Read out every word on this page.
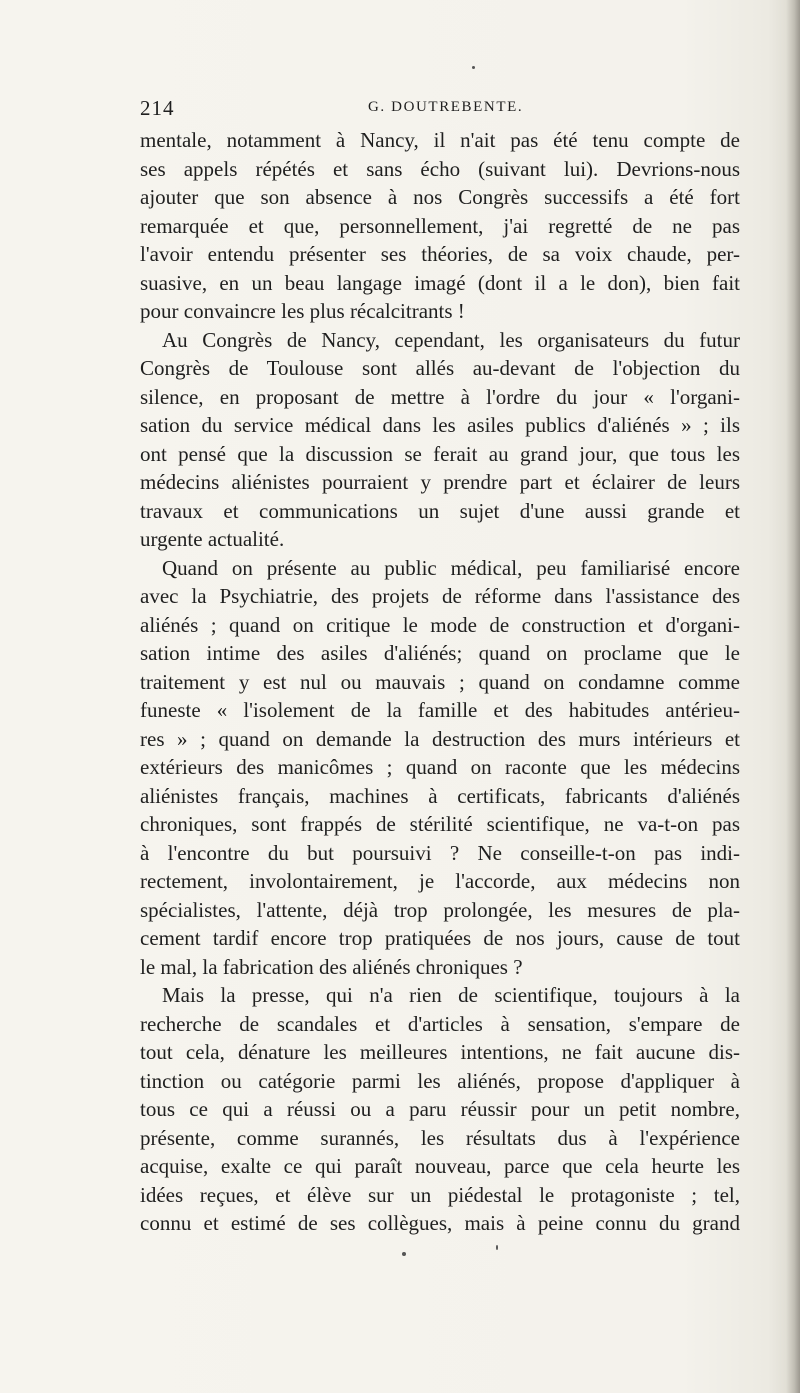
214	G. DOUTREBENTE.
mentale, notamment à Nancy, il n'ait pas été tenu compte de
ses appels répétés et sans écho (suivant lui). Devrions-nous
ajouter que son absence à nos Congrès successifs a été fort
remarquée et que, personnellement, j'ai regretté de ne pas
l'avoir entendu présenter ses théories, de sa voix chaude, per-
suasive, en un beau langage imagé (dont il a le don), bien fait
pour convaincre les plus récalcitrants !
Au Congrès de Nancy, cependant, les organisateurs du futur
Congrès de Toulouse sont allés au-devant de l'objection du
silence, en proposant de mettre à l'ordre du jour « l'organi-
sation du service médical dans les asiles publics d'aliénés » ; ils
ont pensé que la discussion se ferait au grand jour, que tous les
médecins aliénistes pourraient y prendre part et éclairer de leurs
travaux et communications un sujet d'une aussi grande et
urgente actualité.
Quand on présente au public médical, peu familiarisé encore
avec la Psychiatrie, des projets de réforme dans l'assistance des
aliénés ; quand on critique le mode de construction et d'organi-
sation intime des asiles d'aliénés; quand on proclame que le
traitement y est nul ou mauvais ; quand on condamne comme
funeste « l'isolement de la famille et des habitudes antérieu-
res » ; quand on demande la destruction des murs intérieurs et
extérieurs des manicômes ; quand on raconte que les médecins
aliénistes français, machines à certificats, fabricants d'aliénés
chroniques, sont frappés de stérilité scientifique, ne va-t-on pas
à l'encontre du but poursuivi ? Ne conseille-t-on pas indi-
rectement, involontairement, je l'accorde, aux médecins non
spécialistes, l'attente, déjà trop prolongée, les mesures de pla-
cement tardif encore trop pratiquées de nos jours, cause de tout
le mal, la fabrication des aliénés chroniques ?
Mais la presse, qui n'a rien de scientifique, toujours à la
recherche de scandales et d'articles à sensation, s'empare de
tout cela, dénature les meilleures intentions, ne fait aucune dis-
tinction ou catégorie parmi les aliénés, propose d'appliquer à
tous ce qui a réussi ou a paru réussir pour un petit nombre,
présente, comme surannés, les résultats dus à l'expérience
acquise, exalte ce qui paraît nouveau, parce que cela heurte les
idées reçues, et élève sur un piédestal le protagoniste ; tel,
connu et estimé de ses collègues, mais à peine connu du grand
